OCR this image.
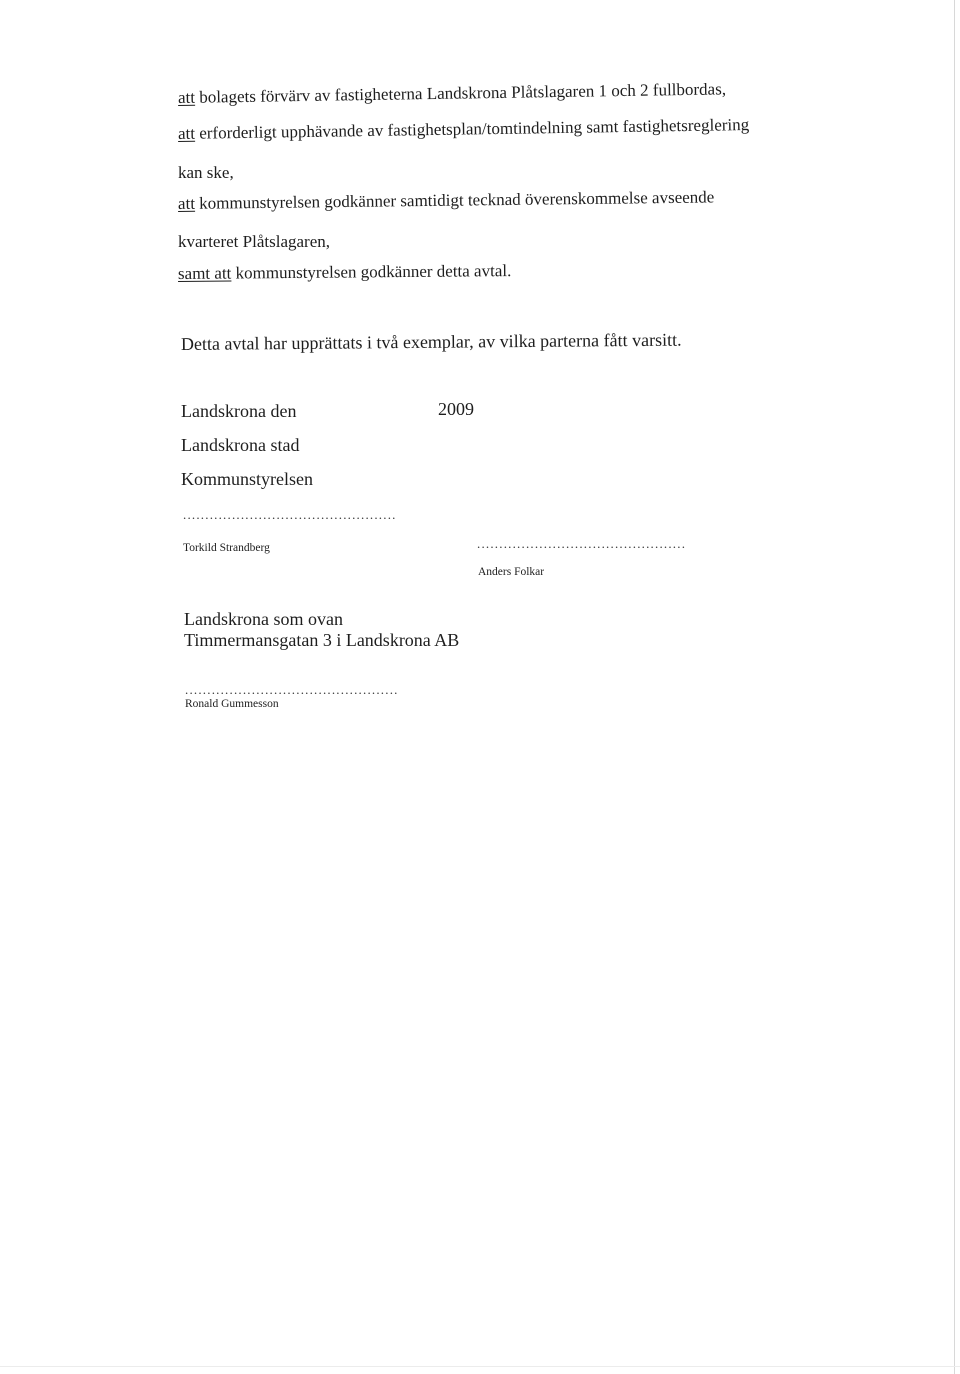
att bolagets förvärv av fastigheterna Landskrona Plåtslagaren 1 och 2 fullbordas,
att erforderligt upphävande av fastighetsplan/tomtindelning samt fastighetsreglering
kan ske,
att kommunstyrelsen godkänner samtidigt tecknad överenskommelse avseende
kvarteret Plåtslagaren,
samt att kommunstyrelsen godkänner detta avtal.
Detta avtal har upprättats i två exemplar, av vilka parterna fått varsitt.
Landskrona den	2009
Landskrona stad
Kommunstyrelsen
................................................
Torkild Strandberg	...............................................
Anders Folkar
Landskrona som ovan
Timmermansgatan 3 i Landskrona AB
................................................
Ronald Gummesson
